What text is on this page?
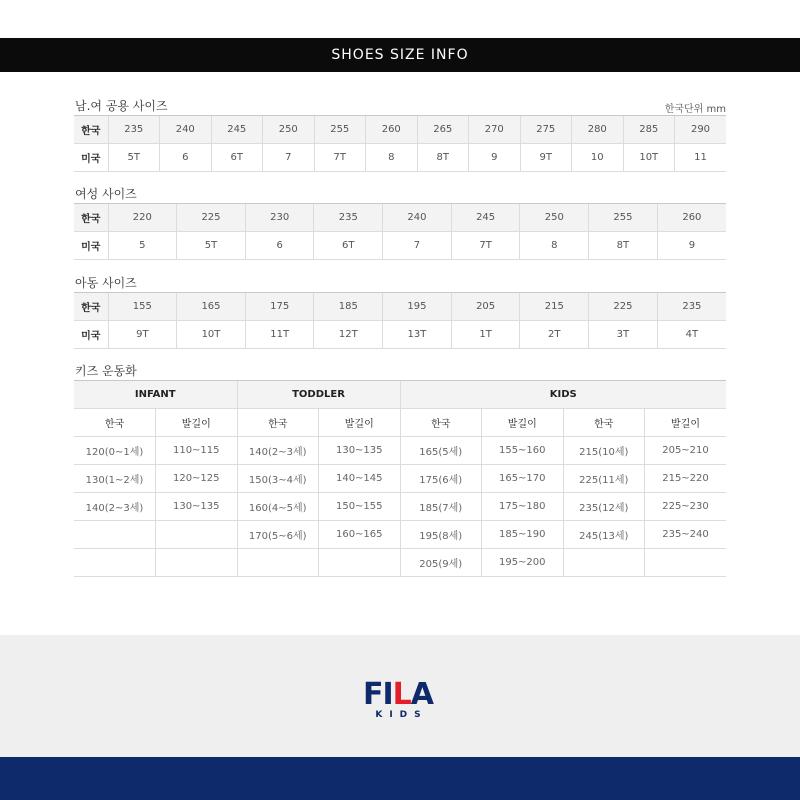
SHOES SIZE INFO
남.여 공용 사이즈	한국단위 mm
한국	235	240	245	250	255	260	265	270	275	280	285	290
미국	5T	6	6T	7	7T	8	8T	9	9T	10	10T	11
여성 사이즈
한국	220	225	230	235	240	245	250	255	260
미국	5	5T	6	6T	7	7T	8	8T	9
아동 사이즈
한국	155	165	175	185	195	205	215	225	235
미국	9T	10T	11T	12T	13T	1T	2T	3T	4T
키즈 운동화
INFANT		TODDLER		KIDS			
한국	발길이	한국	발길이	한국	발길이	한국	발길이
120(0~1세)	110~115	140(2~3세)	130~135	165(5세)	155~160	215(10세)	205~210
130(1~2세)	120~125	150(3~4세)	140~145	175(6세)	165~170	225(11세)	215~220
140(2~3세)	130~135	160(4~5세)	150~155	185(7세)	175~180	235(12세)	225~230
		170(5~6세)	160~165	195(8세)	185~190	245(13세)	235~240
				205(9세)	195~200		
FILA
KIDS
